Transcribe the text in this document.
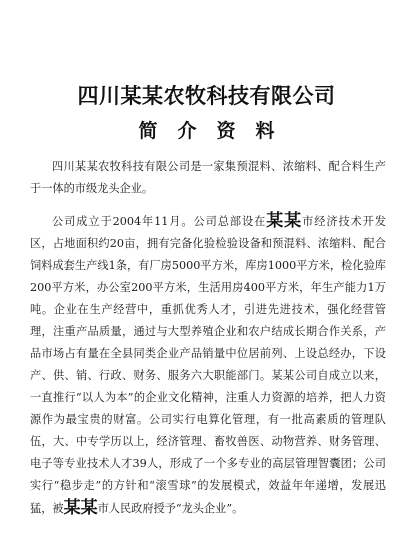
四川某某农牧科技有限公司
简 介 资 料

四川某某农牧科技有限公司是一家集预混料、浓缩料、配合料生产于一体的市级龙头企业。

公司成立于2004年11月。公司总部设在某某市经济技术开发区，占地面积约20亩，拥有完备化验检验设备和预混料、浓缩料、配合饲料成套生产线1条，有厂房5000平方米，库房1000平方米，检化验库200平方米，办公室200平方米，生活用房400平方米，年生产能力1万吨。企业在生产经营中，重抓优秀人才，引进先进技术，强化经营管理，注重产品质量，通过与大型养殖企业和农户结成长期合作关系，产品市场占有量在全县同类企业产品销量中位居前列、上设总经办，下设产、供、销、行政、财务、服务六大职能部门。某某公司自成立以来，一直推行“以人为本”的企业文化精神，注重人力资源的培养，把人力资源作为最宝贵的财富。公司实行电算化管理，有一批高素质的管理队伍，大、中专学历以上，经济管理、畜牧兽医、动物营养、财务管理、电子等专业技术人才39人，形成了一个多专业的高层管理智囊团；公司实行“稳步走”的方针和“滚雪球”的发展模式，效益年年递增，发展迅猛，被某某市人民政府授予“龙头企业”。
